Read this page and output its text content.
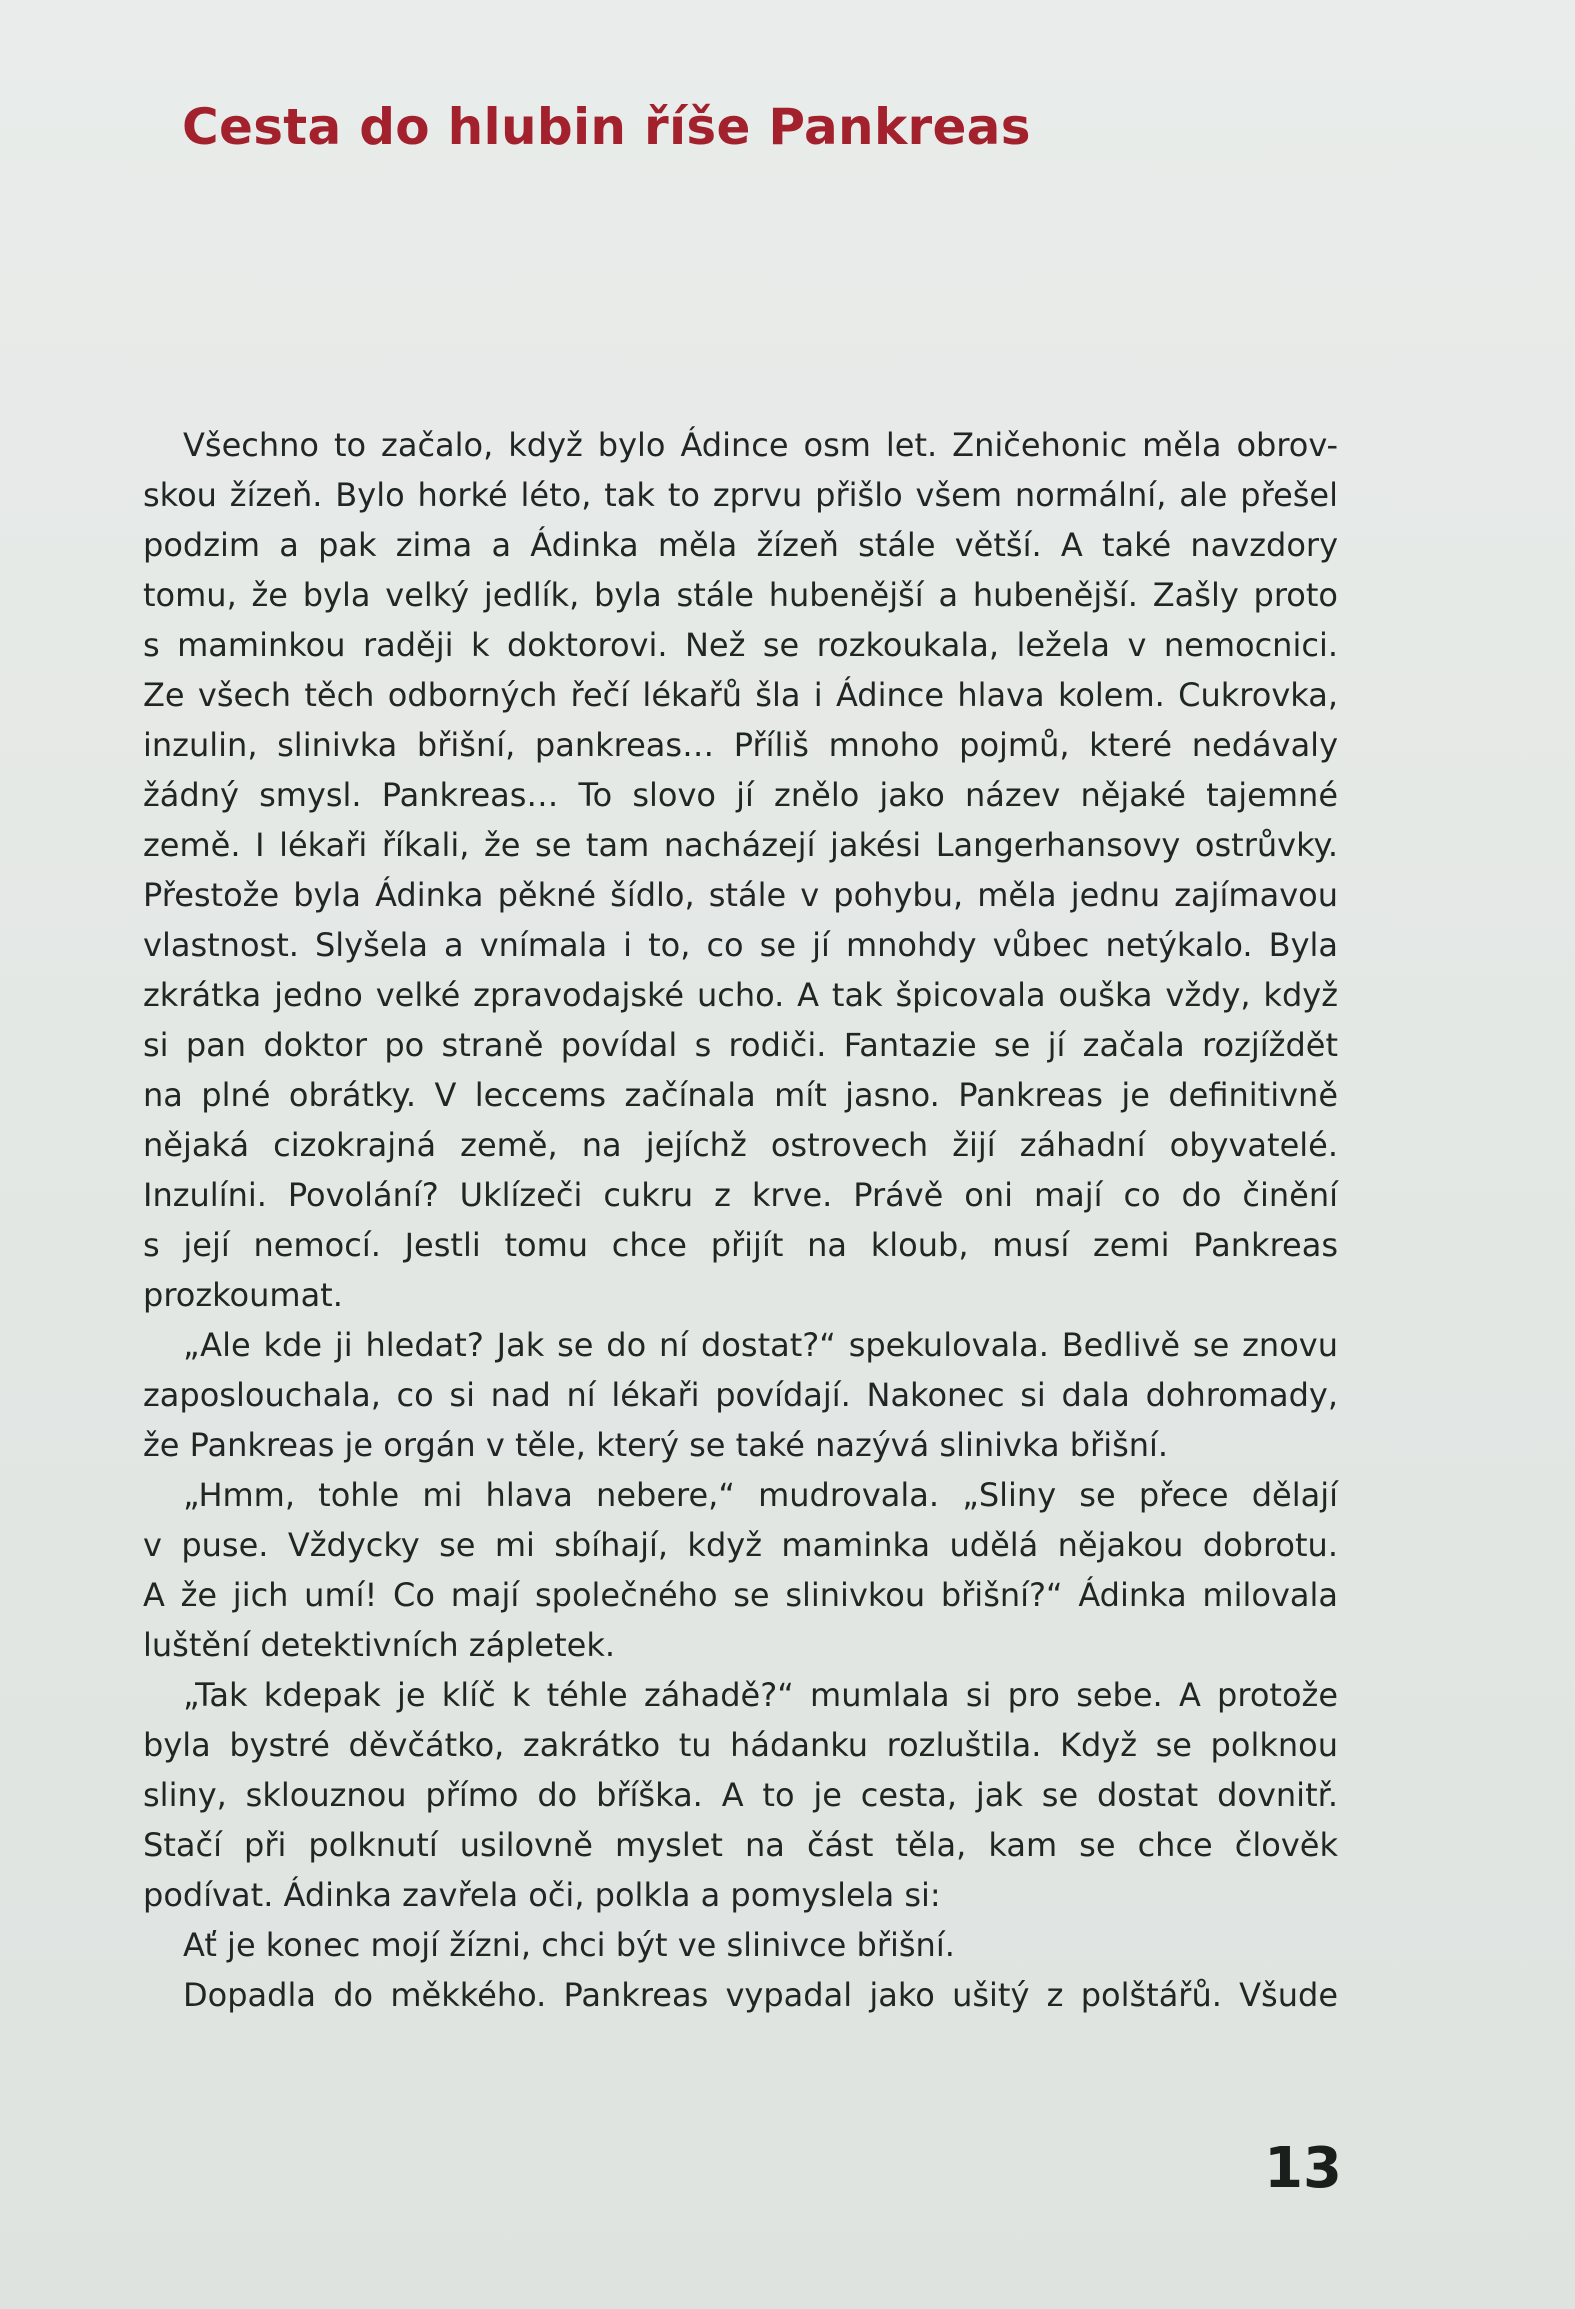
Cesta do hlubin říše Pankreas
Všechno to začalo, když bylo Ádince osm let. Zničehonic měla obrov-
skou žízeň. Bylo horké léto, tak to zprvu přišlo všem normální, ale přešel
podzim a pak zima a Ádinka měla žízeň stále větší. A také navzdory
tomu, že byla velký jedlík, byla stále hubenější a hubenější. Zašly proto
s maminkou raději k doktorovi. Než se rozkoukala, ležela v nemocnici.
Ze všech těch odborných řečí lékařů šla i Ádince hlava kolem. Cukrovka,
inzulin, slinivka břišní, pankreas… Příliš mnoho pojmů, které nedávaly
žádný smysl. Pankreas… To slovo jí znělo jako název nějaké tajemné
země. I lékaři říkali, že se tam nacházejí jakési Langerhansovy ostrůvky.
Přestože byla Ádinka pěkné šídlo, stále v pohybu, měla jednu zajímavou
vlastnost. Slyšela a vnímala i to, co se jí mnohdy vůbec netýkalo. Byla
zkrátka jedno velké zpravodajské ucho. A tak špicovala ouška vždy, když
si pan doktor po straně povídal s rodiči. Fantazie se jí začala rozjíždět
na plné obrátky. V leccems začínala mít jasno. Pankreas je definitivně
nějaká cizokrajná země, na jejíchž ostrovech žijí záhadní obyvatelé.
Inzulíni. Povolání? Uklízeči cukru z krve. Právě oni mají co do činění
s její nemocí. Jestli tomu chce přijít na kloub, musí zemi Pankreas
prozkoumat.
„Ale kde ji hledat? Jak se do ní dostat?“ spekulovala. Bedlivě se znovu
zaposlouchala, co si nad ní lékaři povídají. Nakonec si dala dohromady,
že Pankreas je orgán v těle, který se také nazývá slinivka břišní.
„Hmm, tohle mi hlava nebere,“ mudrovala. „Sliny se přece dělají
v puse. Vždycky se mi sbíhají, když maminka udělá nějakou dobrotu.
A že jich umí! Co mají společného se slinivkou břišní?“ Ádinka milovala
luštění detektivních zápletek.
„Tak kdepak je klíč k téhle záhadě?“ mumlala si pro sebe. A protože
byla bystré děvčátko, zakrátko tu hádanku rozluštila. Když se polknou
sliny, sklouznou přímo do bříška. A to je cesta, jak se dostat dovnitř.
Stačí při polknutí usilovně myslet na část těla, kam se chce člověk
podívat. Ádinka zavřela oči, polkla a pomyslela si:
Ať je konec mojí žízni, chci být ve slinivce břišní.
Dopadla do měkkého. Pankreas vypadal jako ušitý z polštářů. Všude
13
